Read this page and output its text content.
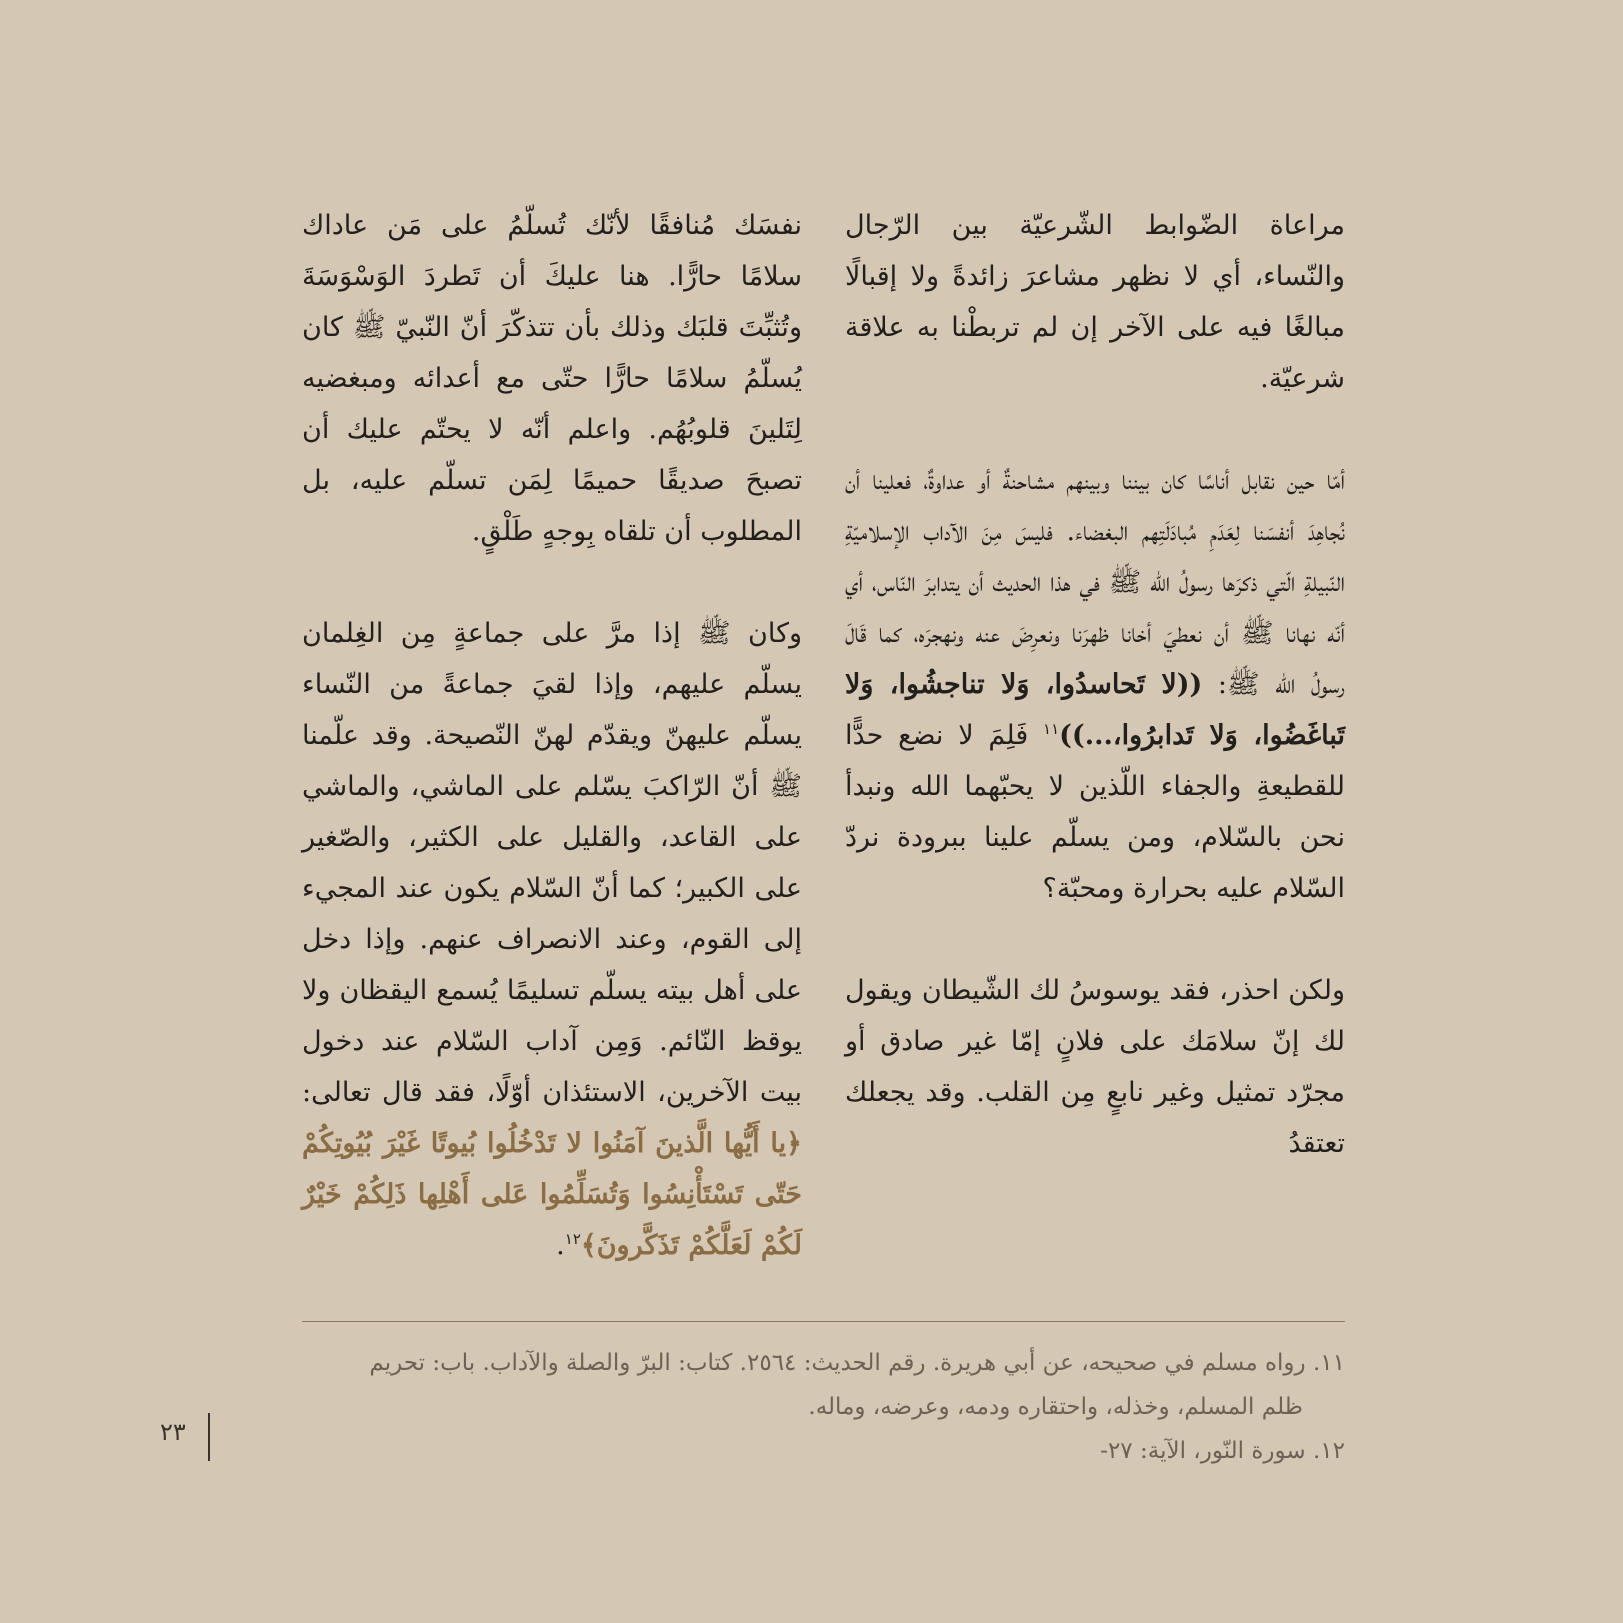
مراعاة الضّوابط الشّرعيّة بين الرّجال والنّساء، أي لا نظهر مشاعرَ زائدةً ولا إقبالًا مبالغًا فيه على الآخر إن لم تربطْنا به علاقة شرعيّة.

أمّا حين نقابل أناسًا كان بيننا وبينهم مشاحنةٌ أو عداوةٌ، فعلينا أن نُجاهِدَ أنفسَنا لِعَدَمِ مُبادَلَتِهم البغضاء. فليسَ مِنَ الآداب الإسلاميّةِ النّبيلةِ الّتي ذكرَها رسولُ الله ﷺ في هذا الحديث أن يتدابرَ النّاس، أي أنّه نهانا ﷺ أن نعطيَ أخانا ظهرَنا ونعرِضَ عنه ونهجرَه، كما قَالَ رسولُ الله ﷺ: ((لا تَحاسدُوا، وَلا تناجشُوا، وَلا تَباغَضُوا، وَلا تَدابرُوا،...))$^{١١}$ فَلِمَ لا نضع حدًّا للقطيعةِ والجفاء اللّذين لا يحبّهما الله ونبدأ نحن بالسّلام، ومن يسلّم علينا ببرودة نردّ السّلام عليه بحرارة ومحبّة؟

ولكن احذر، فقد يوسوسُ لك الشّيطان ويقول لك إنّ سلامَك على فلانٍ إمّا غير صادق أو مجرّد تمثيل وغير نابعٍ مِن القلب. وقد يجعلك تعتقدُ

نفسَك مُنافقًا لأنّك تُسلّمُ على مَن عاداك سلامًا حارًّا. هنا عليكَ أن تَطردَ الوَسْوَسَةَ وتُثبِّتَ قلبَك وذلك بأن تتذكّرَ أنّ النّبيّ ﷺ كان يُسلّمُ سلامًا حارًّا حتّى مع أعدائه ومبغضيه لِتَلينَ قلوبُهُم. واعلم أنّه لا يحتّم عليك أن تصبحَ صديقًا حميمًا لِمَن تسلّم عليه، بل المطلوب أن تلقاه بِوجهٍ طَلْقٍ.

وكان ﷺ إذا مرَّ على جماعةٍ مِن الغِلمان يسلّم عليهم، وإذا لقيَ جماعةً من النّساء يسلّم عليهنّ ويقدّم لهنّ النّصيحة. وقد علّمنا ﷺ أنّ الرّاكبَ يسّلم على الماشي، والماشي على القاعد، والقليل على الكثير، والصّغير على الكبير؛ كما أنّ السّلام يكون عند المجيء إلى القوم، وعند الانصراف عنهم. وإذا دخل على أهل بيته يسلّم تسليمًا يُسمع اليقظان ولا يوقظ النّائم. وَمِن آداب السّلام عند دخول بيت الآخرين، الاستئذان أوّلًا، فقد قال تعالى: ﴿يا أَيُّها الَّذينَ آمَنُوا لا تَدْخُلُوا بُيوتًا غَيْرَ بُيُوتِكُمْ حَتّى تَسْتَأْنِسُوا وَتُسَلِّمُوا عَلى أَهْلِها ذَلِكُمْ خَيْرٌ لَكُمْ لَعَلَّكُمْ تَذَكَّرونَ﴾$^{١٢}$.

١١. رواه مسلم في صحيحه، عن أبي هريرة. رقم الحديث: ٢٥٦٤. كتاب: البرّ والصلة والآداب. باب: تحريم
ظلم المسلم، وخذله، واحتقاره ودمه، وعرضه، وماله.
١٢. سورة النّور، الآية: ٢٧-
٢٣
